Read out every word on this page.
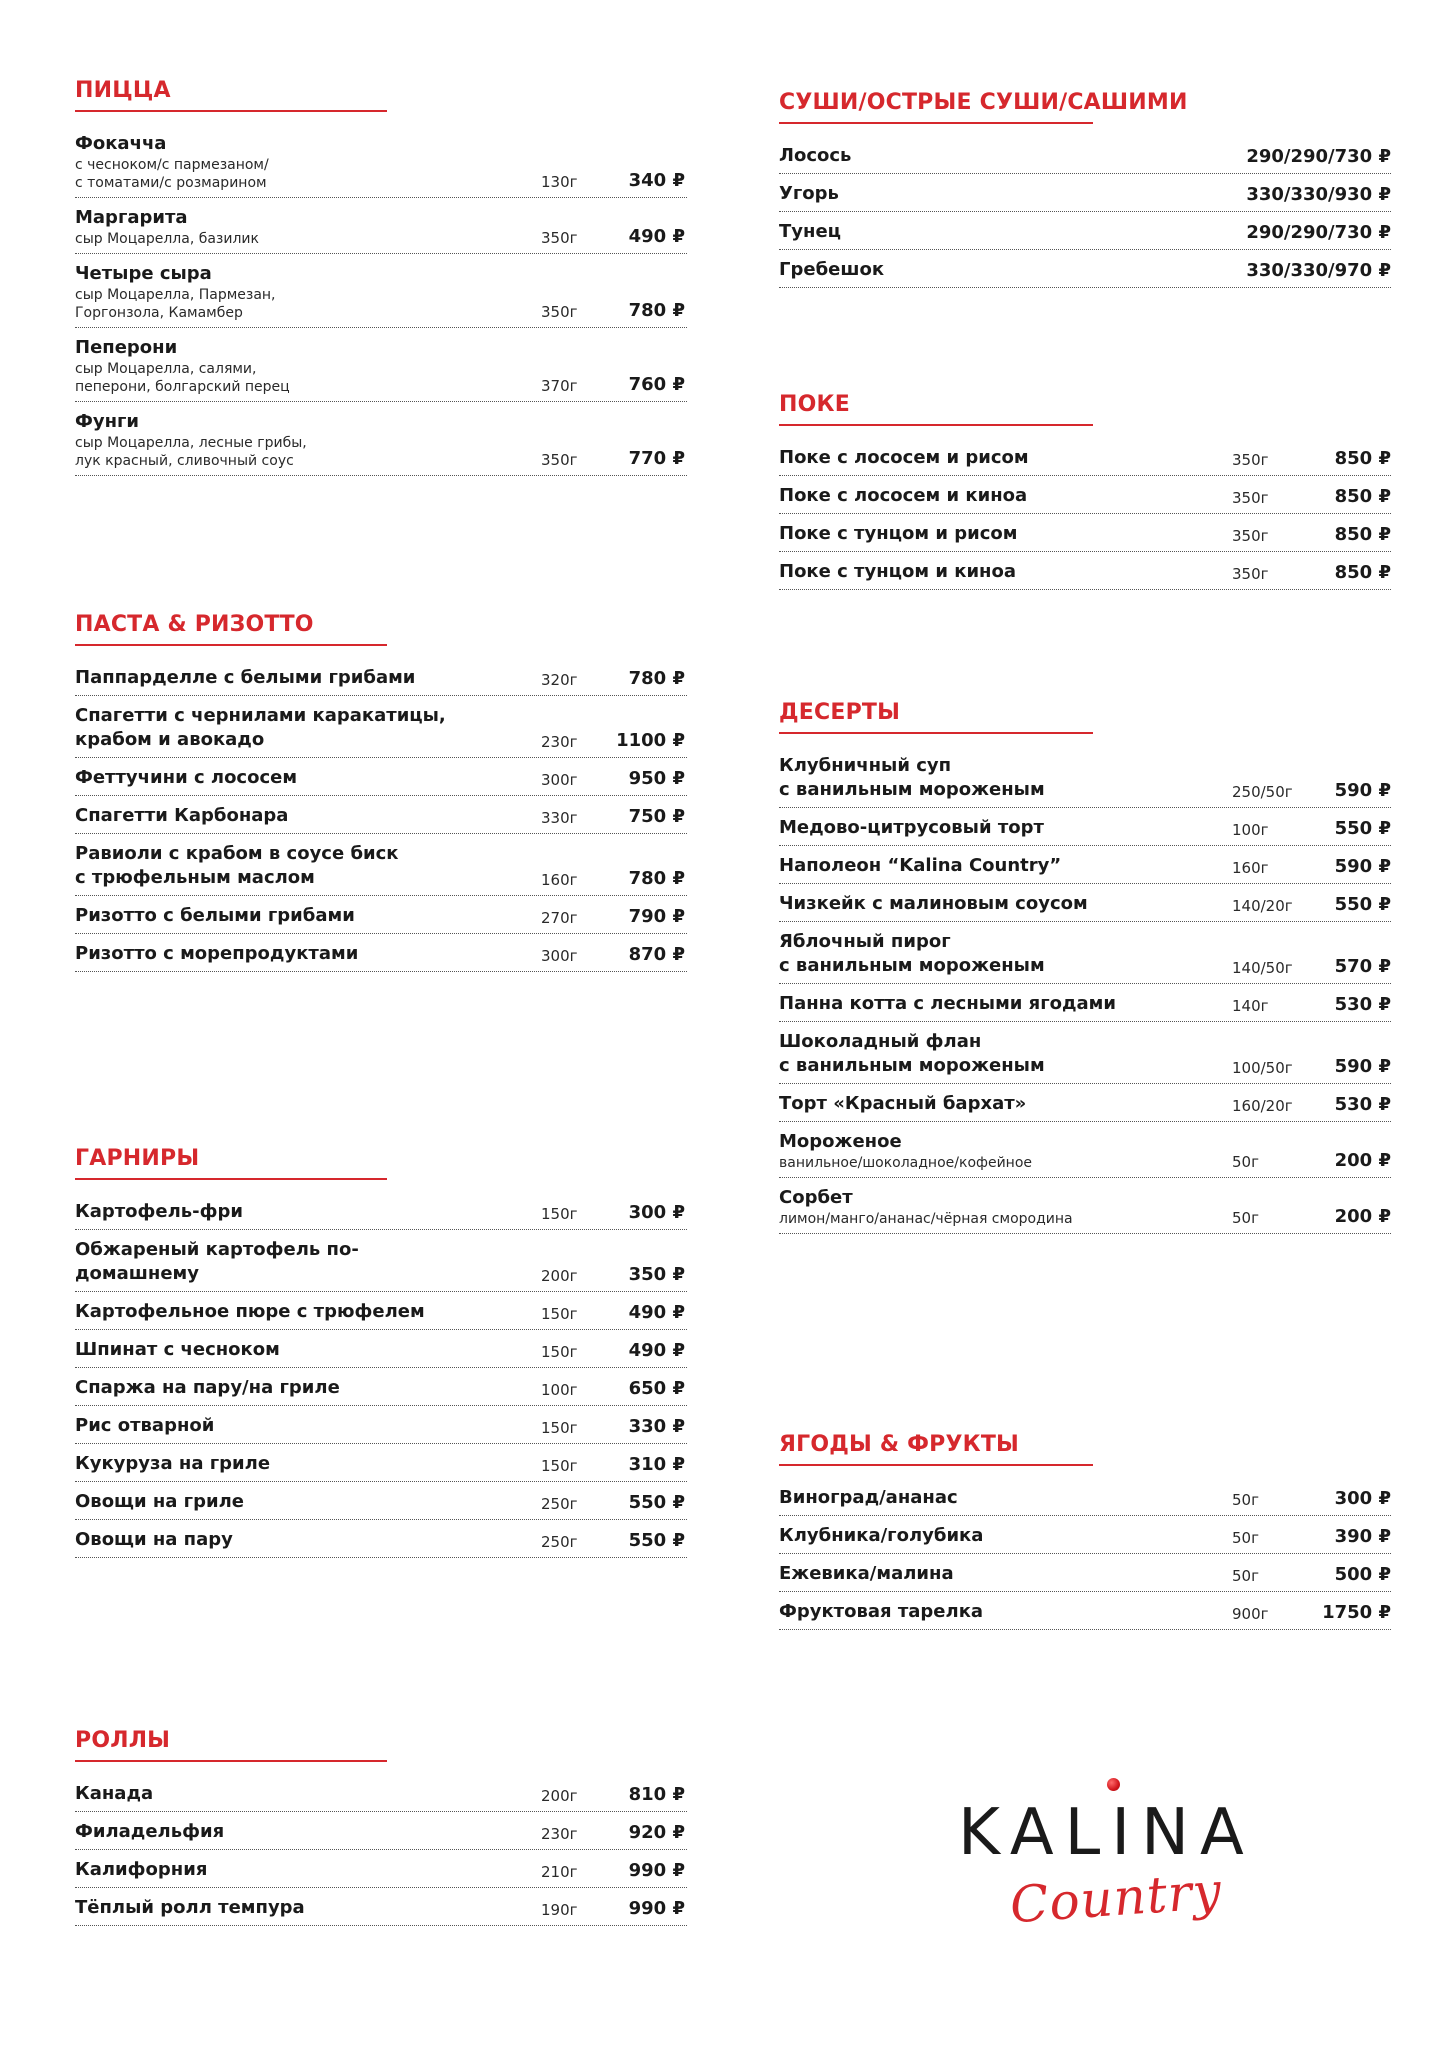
ПИЦЦА
Фокачча
с чесноком/с пармезаном/
с томатами/с розмарином	130г	340 ₽
Маргарита
сыр Моцарелла, базилик	350г	490 ₽
Четыре сыра
сыр Моцарелла, Пармезан,
Горгонзола, Камамбер	350г	780 ₽
Пеперони
сыр Моцарелла, салями,
пеперони, болгарский перец	370г	760 ₽
Фунги
сыр Моцарелла, лесные грибы,
лук красный, сливочный соус	350г	770 ₽
ПАСТА & РИЗОТТО
Паппарделле с белыми грибами	320г	780 ₽
Спагетти с чернилами каракатицы,
крабом и авокадо	230г 1100 ₽
Феттучини с лососем	300г	950 ₽
Спагетти Карбонара	330г	750 ₽
Равиоли с крабом в соусе биск
с трюфельным маслом	160г	780 ₽
Ризотто с белыми грибами	270г	790 ₽
Ризотто с морепродуктами	300г	870 ₽
ГАРНИРЫ
Картофель-фри	150г	300 ₽
Обжареный картофель по-домашнему	200г	350 ₽
Картофельное пюре с трюфелем	150г	490 ₽
Шпинат с чесноком	150г	490 ₽
Спаржа на пару/на гриле	100г	650 ₽
Рис отварной	150г	330 ₽
Кукуруза на гриле	150г	310 ₽
Овощи на гриле	250г	550 ₽
Овощи на пару	250г	550 ₽
РОЛЛЫ
Канада	200г	810 ₽
Филадельфия	230г	920 ₽
Калифорния	210г	990 ₽
Тёплый ролл темпура	190г	990 ₽
СУШИ/ОСТРЫЕ СУШИ/САШИМИ
Лосось	290/290/730 ₽
Угорь	330/330/930 ₽
Тунец	290/290/730 ₽
Гребешок	330/330/970 ₽
ПОКЕ
Поке с лососем и рисом	350г	850 ₽
Поке с лососем и киноа	350г	850 ₽
Поке с тунцом и рисом	350г	850 ₽
Поке с тунцом и киноа	350г	850 ₽
ДЕСЕРТЫ
Клубничный суп
с ванильным мороженым	250/50г 590 ₽
Медово-цитрусовый торт	100г	550 ₽
Наполеон “Kalina Country”	160г	590 ₽
Чизкейк с малиновым соусом	140/20г 550 ₽
Яблочный пирог
с ванильным мороженым	140/50г 570 ₽
Панна котта с лесными ягодами	140г	530 ₽
Шоколадный флан
с ванильным мороженым	100/50г 590 ₽
Торт «Красный бархат»	160/20г 530 ₽
Мороженое
ванильное/шоколадное/кофейное	50г	200 ₽
Сорбет
лимон/манго/ананас/чёрная смородина	50г	200 ₽
ЯГОДЫ & ФРУКТЫ
Виноград/ананас	50г	300 ₽
Клубника/голубика	50г	390 ₽
Ежевика/малина	50г	500 ₽
Фруктовая тарелка	900г	1750 ₽
KALINA
Country
